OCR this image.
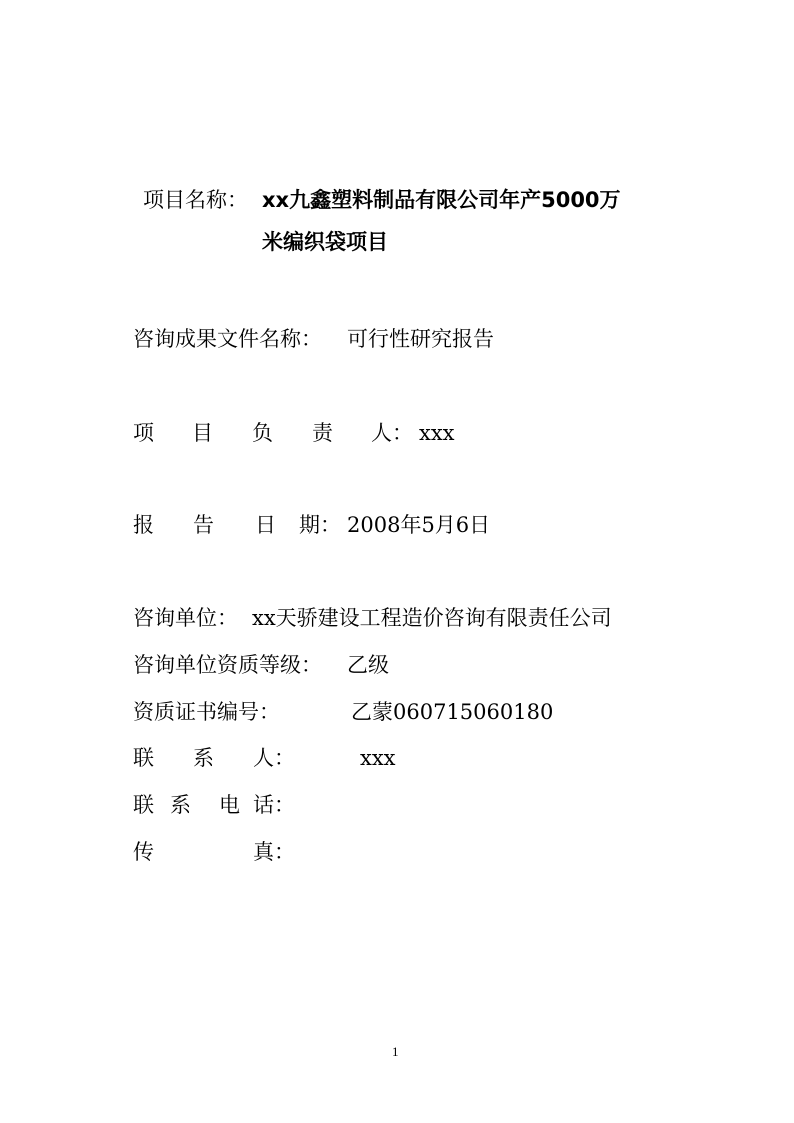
项目名称： xx九鑫塑料制品有限公司年产5000万
米编织袋项目
咨询成果文件名称： 可行性研究报告
项 目 负 责 人： xxx
报 告 日 期： 2008年5月6日
咨询单位： xx天骄建设工程造价咨询有限责任公司
咨询单位资质等级： 乙级
资质证书编号：	乙蒙060715060180
联 系 人：	xxx
联 系 电 话：
传	真：
1
